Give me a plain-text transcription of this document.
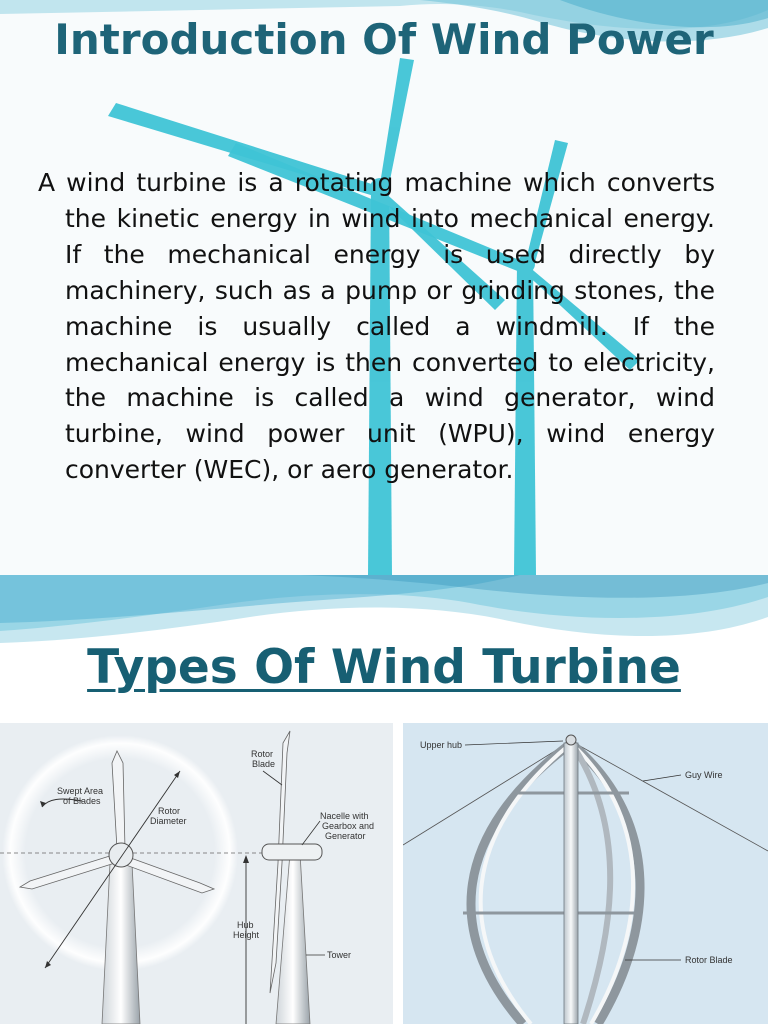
Introduction Of Wind Power

A wind turbine is a rotating machine which converts the kinetic energy in wind into mechanical energy. If the mechanical energy is used directly by machinery, such as a pump or grinding stones, the machine is usually called a windmill. If the mechanical energy is then converted to electricity, the machine is called a wind generator, wind turbine, wind power unit (WPU), wind energy converter (WEC), or aero generator.

Types Of Wind Turbine
Swept Area
of Blades
Rotor
Diameter
Rotor
Blade
Nacelle with
Gearbox and
Generator
Hub
Height
Tower
Upper hub
Guy Wire
Rotor Blade
